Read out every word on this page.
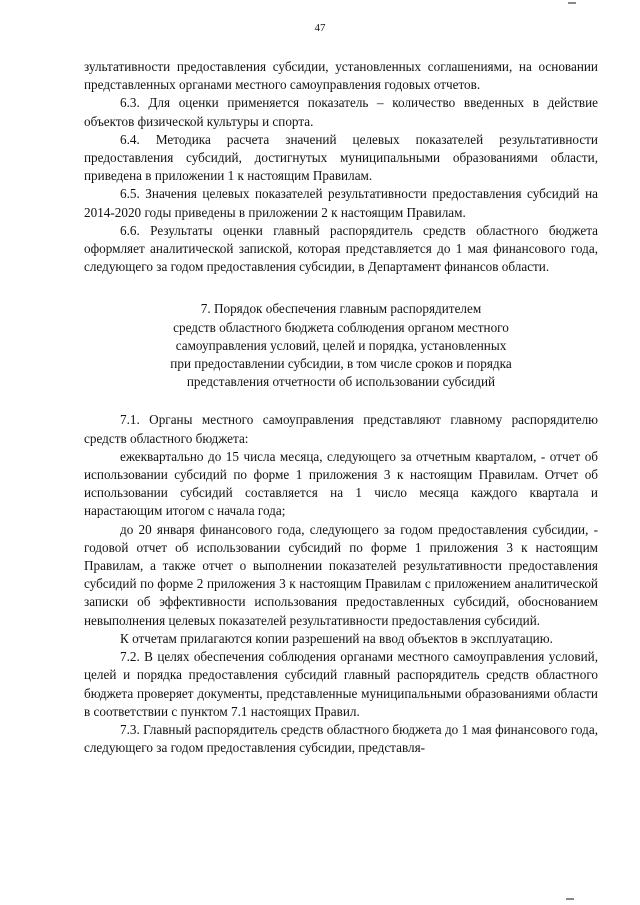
47

зультативности предоставления субсидии, установленных соглашениями, на основании представленных органами местного самоуправления годовых отчетов.

6.3. Для оценки применяется показатель – количество введенных в действие объектов физической культуры и спорта.

6.4. Методика расчета значений целевых показателей результативности предоставления субсидий, достигнутых муниципальными образованиями области, приведена в приложении 1 к настоящим Правилам.

6.5. Значения целевых показателей результативности предоставления субсидий на 2014-2020 годы приведены в приложении 2 к настоящим Правилам.

6.6. Результаты оценки главный распорядитель средств областного бюджета оформляет аналитической запиской, которая представляется до 1 мая финансового года, следующего за годом предоставления субсидии, в Департамент финансов области.

7. Порядок обеспечения главным распорядителем
средств областного бюджета соблюдения органом местного
самоуправления условий, целей и порядка, установленных
при предоставлении субсидии, в том числе сроков и порядка
представления отчетности об использовании субсидий

7.1. Органы местного самоуправления представляют главному распорядителю средств областного бюджета:

ежеквартально до 15 числа месяца, следующего за отчетным кварталом, - отчет об использовании субсидий по форме 1 приложения 3 к настоящим Правилам. Отчет об использовании субсидий составляется на 1 число месяца каждого квартала и нарастающим итогом с начала года;

до 20 января финансового года, следующего за годом предоставления субсидии, - годовой отчет об использовании субсидий по форме 1 приложения 3 к настоящим Правилам, а также отчет о выполнении показателей результативности предоставления субсидий по форме 2 приложения 3 к настоящим Правилам с приложением аналитической записки об эффективности использования предоставленных субсидий, обоснованием невыполнения целевых показателей результативности предоставления субсидий.

К отчетам прилагаются копии разрешений на ввод объектов в эксплуатацию.

7.2. В целях обеспечения соблюдения органами местного самоуправления условий, целей и порядка предоставления субсидий главный распорядитель средств областного бюджета проверяет документы, представленные муниципальными образованиями области в соответствии с пунктом 7.1 настоящих Правил.

7.3. Главный распорядитель средств областного бюджета до 1 мая финансового года, следующего за годом предоставления субсидии, представля-
